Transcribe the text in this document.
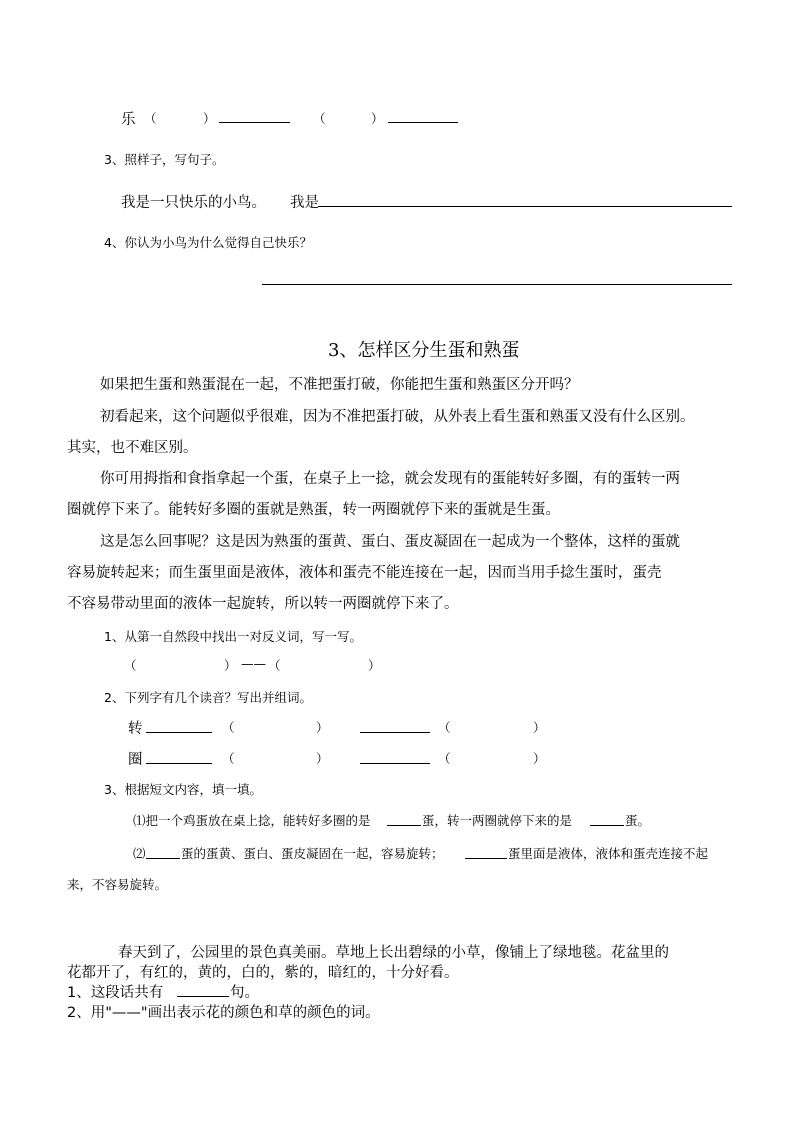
乐 （	）	（	）
3、照样子，写句子。
我是一只快乐的小鸟。 我是
4、你认为小鸟为什么觉得自己快乐？
3、怎样区分生蛋和熟蛋
如果把生蛋和熟蛋混在一起，不准把蛋打破，你能把生蛋和熟蛋区分开吗？
初看起来，这个问题似乎很难，因为不准把蛋打破，从外表上看生蛋和熟蛋又没有什么区别。
其实，也不难区别。
你可用拇指和食指拿起一个蛋，在桌子上一捻，就会发现有的蛋能转好多圈，有的蛋转一两
圈就停下来了。能转好多圈的蛋就是熟蛋，转一两圈就停下来的蛋就是生蛋。
这是怎么回事呢？这是因为熟蛋的蛋黄、蛋白、蛋皮凝固在一起成为一个整体，这样的蛋就
容易旋转起来；而生蛋里面是液体，液体和蛋壳不能连接在一起，因而当用手捻生蛋时，蛋壳
不容易带动里面的液体一起旋转，所以转一两圈就停下来了。
1、从第一自然段中找出一对反义词，写一写。
（	） —— （	）
2、下列字有几个读音？写出并组词。
转	（	）	（	）
圈	（	）	（	）
3、根据短文内容，填一填。
⑴把一个鸡蛋放在桌上捻，能转好多圈的是	蛋，转一两圈就停下来的是	蛋。
⑵	蛋的蛋黄、蛋白、蛋皮凝固在一起，容易旋转；	蛋里面是液体，液体和蛋壳连接不起
来，不容易旋转。
春天到了，公园里的景色真美丽。草地上长出碧绿的小草，像铺上了绿地毯。花盆里的
花都开了，有红的，黄的，白的，紫的，暗红的，十分好看。
1、这段话共有	句。
2、用"——"画出表示花的颜色和草的颜色的词。
